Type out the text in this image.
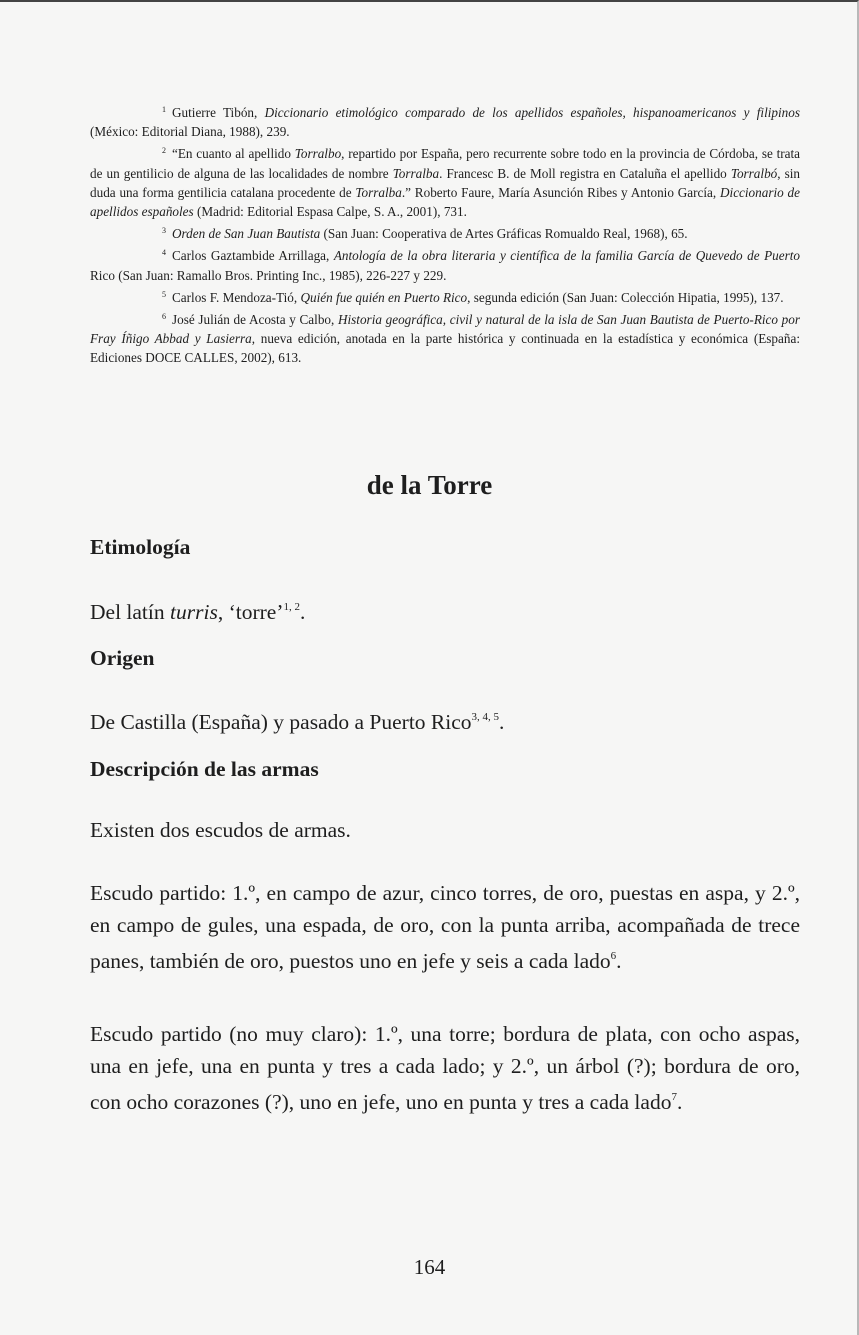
$^1$ Gutierre Tibón, Diccionario etimológico comparado de los apellidos españoles, hispanoamericanos y filipinos (México: Editorial Diana, 1988), 239.

$^2$ “En cuanto al apellido Torralbo, repartido por España, pero recurrente sobre todo en la provincia de Córdoba, se trata de un gentilicio de alguna de las localidades de nombre Torralba. Francesc B. de Moll registra en Cataluña el apellido Torralbó, sin duda una forma gentilicia catalana procedente de Torralba.” Roberto Faure, María Asunción Ribes y Antonio García, Diccionario de apellidos españoles (Madrid: Editorial Espasa Calpe, S. A., 2001), 731.

$^3$ Orden de San Juan Bautista (San Juan: Cooperativa de Artes Gráficas Romualdo Real, 1968), 65.

$^4$ Carlos Gaztambide Arrillaga, Antología de la obra literaria y científica de la familia García de Quevedo de Puerto Rico (San Juan: Ramallo Bros. Printing Inc., 1985), 226-227 y 229.

$^5$ Carlos F. Mendoza-Tió, Quién fue quién en Puerto Rico, segunda edición (San Juan: Colección Hipatia, 1995), 137.

$^6$ José Julián de Acosta y Calbo, Historia geográfica, civil y natural de la isla de San Juan Bautista de Puerto-Rico por Fray Íñigo Abbad y Lasierra, nueva edición, anotada en la parte histórica y continuada en la estadística y económica (España: Ediciones DOCE CALLES, 2002), 613.

de la Torre
Etimología

Del latín turris, ‘torre’$^{1, 2}$.

Origen

De Castilla (España) y pasado a Puerto Rico$^{3, 4, 5}$.

Descripción de las armas

Existen dos escudos de armas.

Escudo partido: 1.º, en campo de azur, cinco torres, de oro, puestas en aspa, y 2.º, en campo de gules, una espada, de oro, con la punta arriba, acompañada de trece panes, también de oro, puestos uno en jefe y seis a cada lado$^6$.

Escudo partido (no muy claro): 1.º, una torre; bordura de plata, con ocho aspas, una en jefe, una en punta y tres a cada lado; y 2.º, un árbol (?); bordura de oro, con ocho corazones (?), uno en jefe, uno en punta y tres a cada lado$^7$.

164
